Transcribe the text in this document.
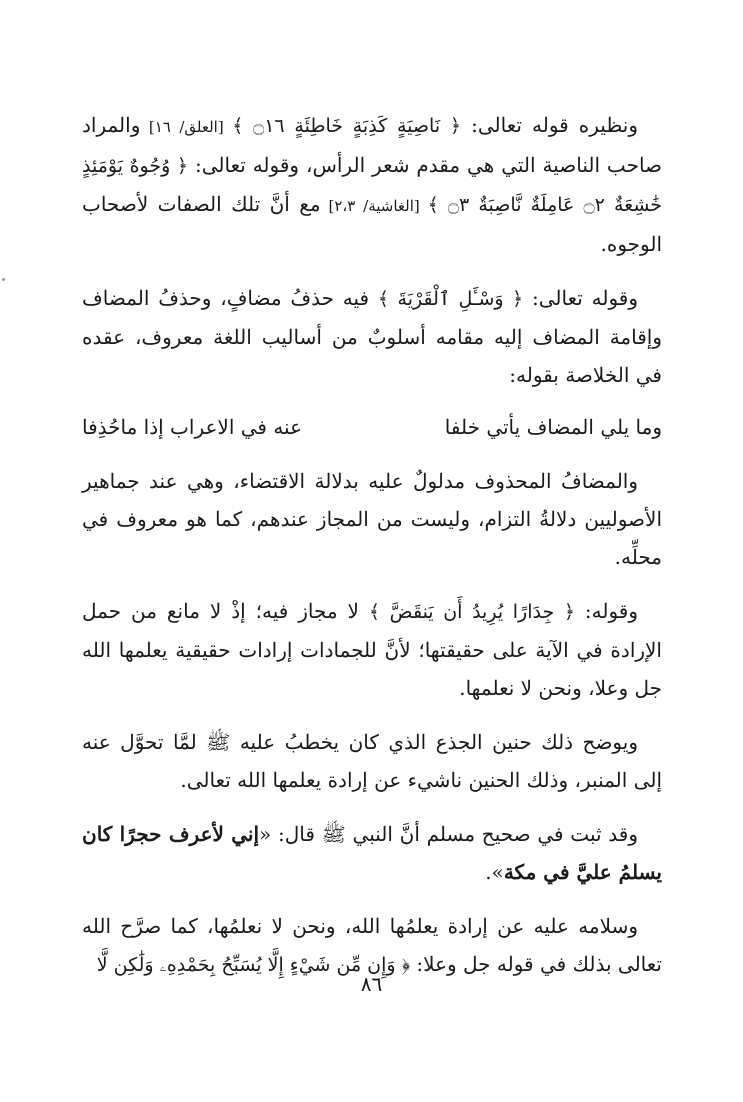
ونظيره قوله تعالى: ﴿ نَاصِيَةٍ كَذِبَةٍ خَاطِئَةٍ ۝١٦ ﴾ [العلق/ ١٦] والمراد صاحب الناصية التي هي مقدم شعر الرأس، وقوله تعالى: ﴿ وُجُوهٌ يَوْمَئِذٍ خَٰشِعَةٌ ۝٢ عَامِلَةٌ نَّاصِبَةٌ ۝٣ ﴾ [الغاشية/ ٢،٣] مع أنَّ تلك الصفات لأصحاب الوجوه.

وقوله تعالى: ﴿ وَسْـَٔلِ ٱلْقَرْيَةَ ﴾ فيه حذفُ مضافٍ، وحذفُ المضاف وإقامة المضاف إليه مقامه أسلوبٌ من أساليب اللغة معروف، عقده في الخلاصة بقوله:

وما يلي المضاف يأتي خلفا
عنه في الاعراب إذا ماحُذِفا

والمضافُ المحذوف مدلولٌ عليه بدلالة الاقتضاء، وهي عند جماهير الأصوليين دلالةُ التزام، وليست من المجاز عندهم، كما هو معروف في محلِّه.

وقوله: ﴿ جِدَارًا يُرِيدُ أَن يَنقَضَّ ﴾ لا مجاز فيه؛ إذْ لا مانع من حمل الإرادة في الآية على حقيقتها؛ لأنَّ للجمادات إرادات حقيقية يعلمها الله جل وعلا، ونحن لا نعلمها.

ويوضح ذلك حنين الجذع الذي كان يخطبُ عليه ﷺ لمَّا تحوَّل عنه إلى المنبر، وذلك الحنين ناشيء عن إرادة يعلمها الله تعالى.

وقد ثبت في صحيح مسلم أنَّ النبي ﷺ قال: «إني لأعرف حجرًا كان يسلمُ عليَّ في مكة».

وسلامه عليه عن إرادة يعلمُها الله، ونحن لا نعلمُها، كما صرَّح الله تعالى بذلك في قوله جل وعلا: ﴿ وَإِن مِّن شَيْءٍ إِلَّا يُسَبِّحُ بِحَمْدِهِۦ وَلَٰكِن لَّا

٨٦
